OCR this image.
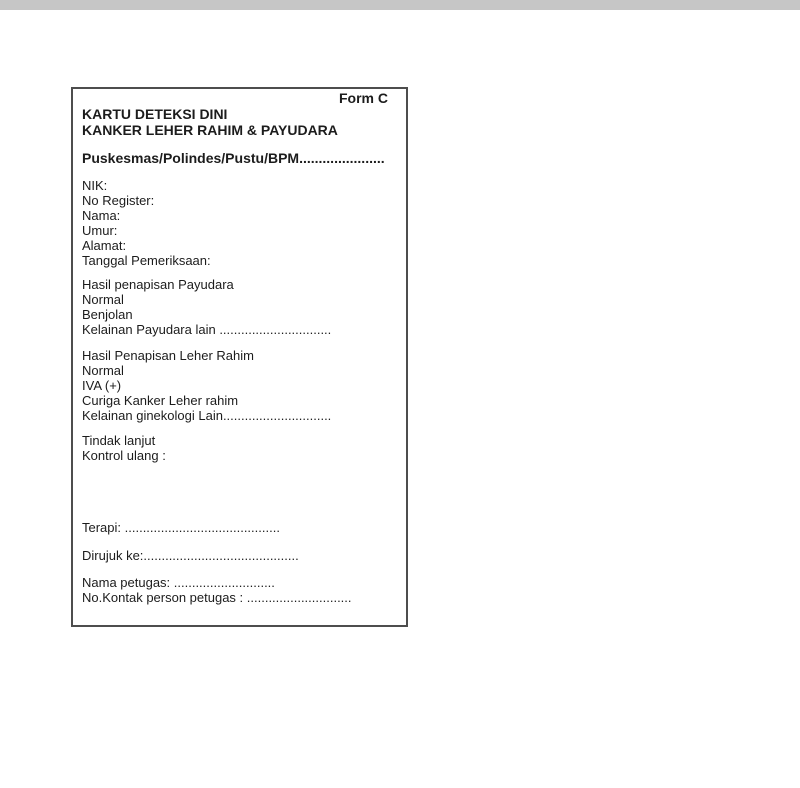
Form C
KARTU DETEKSI DINI
KANKER LEHER RAHIM & PAYUDARA
Puskesmas/Polindes/Pustu/BPM......................
NIK:
No Register:
Nama:
Umur:
Alamat:
Tanggal Pemeriksaan:
Hasil penapisan Payudara
Normal
Benjolan
Kelainan Payudara lain ...............................
Hasil Penapisan Leher Rahim
Normal
IVA (+)
Curiga Kanker Leher rahim
Kelainan ginekologi Lain..............................
Tindak lanjut
Kontrol ulang :
Terapi: ...........................................
Dirujuk ke:...........................................
Nama petugas: ............................
No.Kontak person petugas : .............................
